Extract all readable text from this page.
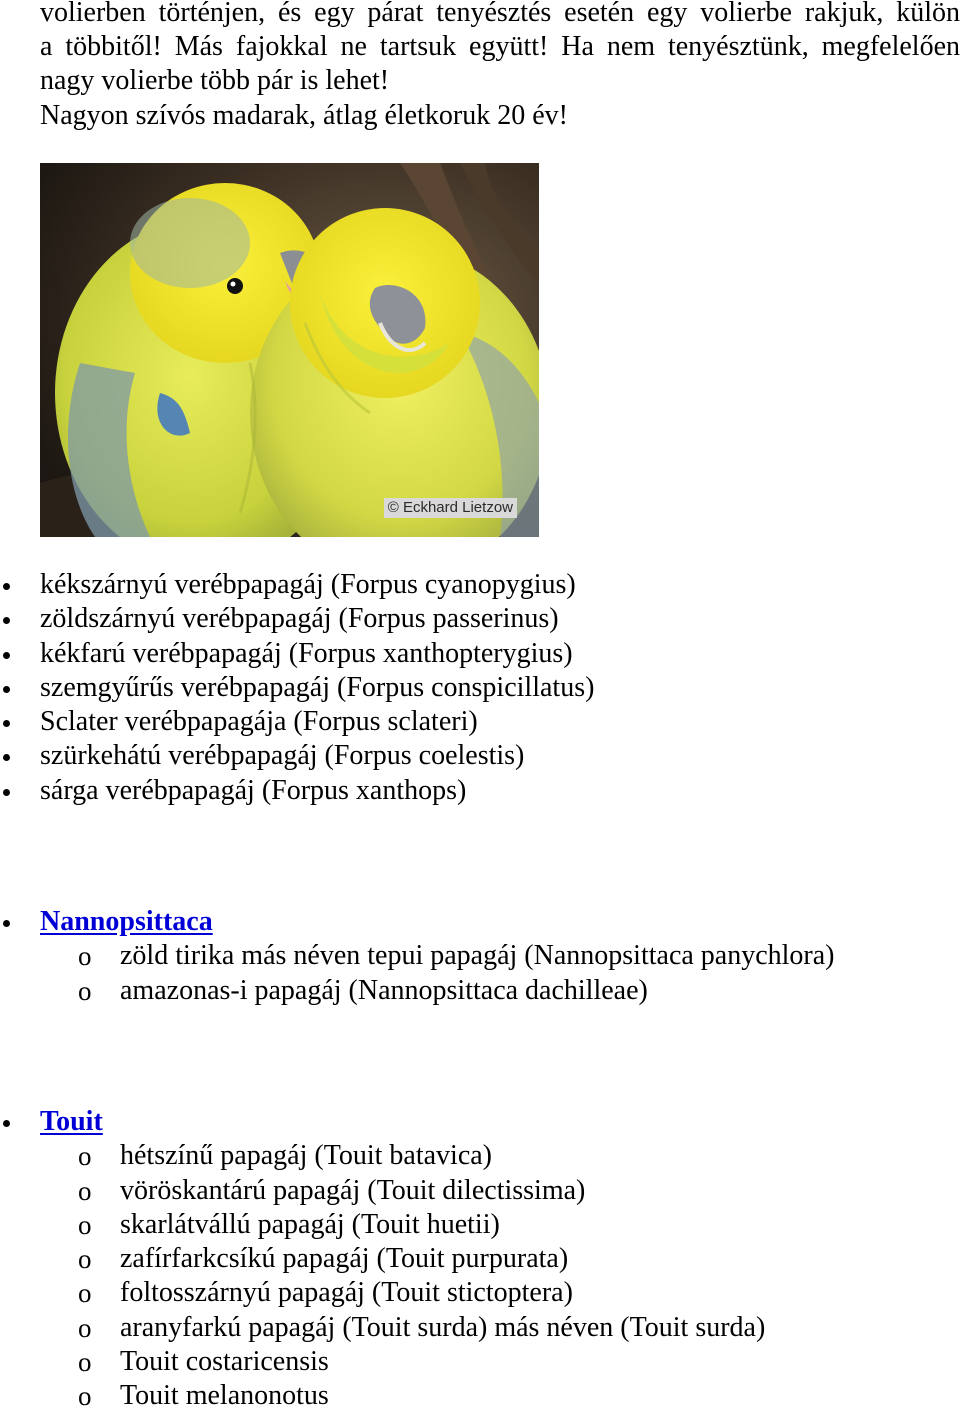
volierben történjen, és egy párat tenyésztés esetén egy volierbe rakjuk, külön

a többitől! Más fajokkal ne tartsuk együtt! Ha nem tenyésztünk, megfelelően

nagy volierbe több pár is lehet!

Nagyon szívós madarak, átlag életkoruk 20 év!

© Eckhard Lietzow
kékszárnyú verébpapagáj (Forpus cyanopygius)
zöldszárnyú verébpapagáj (Forpus passerinus)
kékfarú verébpapagáj (Forpus xanthopterygius)
szemgyűrűs verébpapagáj (Forpus conspicillatus)
Sclater verébpapagája (Forpus sclateri)
szürkehátú verébpapagáj (Forpus coelestis)
sárga verébpapagáj (Forpus xanthops)
Nannopsittaca
o zöld tirika más néven tepui papagáj (Nannopsittaca panychlora)
o amazonas-i papagáj (Nannopsittaca dachilleae)
Touit
o hétszínű papagáj (Touit batavica)
o vöröskantárú papagáj (Touit dilectissima)
o skarlátvállú papagáj (Touit huetii)
o zafírfarkcsíkú papagáj (Touit purpurata)
o foltosszárnyú papagáj (Touit stictoptera)
o aranyfarkú papagáj (Touit surda) más néven (Touit surda)
o Touit costaricensis
o Touit melanonotus
